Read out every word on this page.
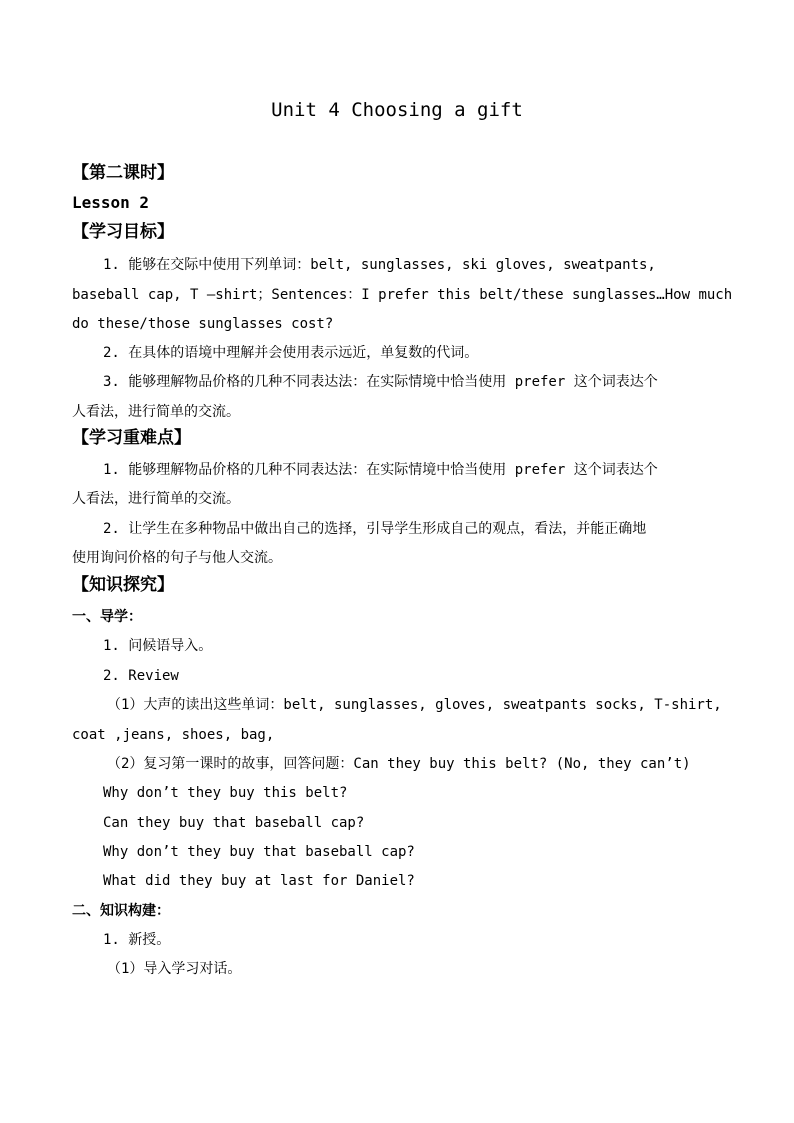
Unit 4 Choosing a gift
【第二课时】
Lesson 2
【学习目标】
1. 能够在交际中使用下列单词：belt, sunglasses, ski gloves, sweatpants,
baseball cap, T –shirt；Sentences：I prefer this belt/these sunglasses…How much
do these/those sunglasses cost?
2. 在具体的语境中理解并会使用表示远近，单复数的代词。
3. 能够理解物品价格的几种不同表达法：在实际情境中恰当使用 prefer 这个词表达个
人看法，进行简单的交流。
【学习重难点】
1. 能够理解物品价格的几种不同表达法：在实际情境中恰当使用 prefer 这个词表达个
人看法，进行简单的交流。
2. 让学生在多种物品中做出自己的选择，引导学生形成自己的观点，看法，并能正确地
使用询问价格的句子与他人交流。
【知识探究】
一、导学：
1. 问候语导入。
2. Review
（1）大声的读出这些单词：belt, sunglasses, gloves, sweatpants socks, T-shirt,
coat ,jeans, shoes, bag,
（2）复习第一课时的故事，回答问题：Can they buy this belt? (No, they can’t)
Why don’t they buy this belt?
Can they buy that baseball cap?
Why don’t they buy that baseball cap?
What did they buy at last for Daniel?
二、知识构建：
1. 新授。
（1）导入学习对话。
